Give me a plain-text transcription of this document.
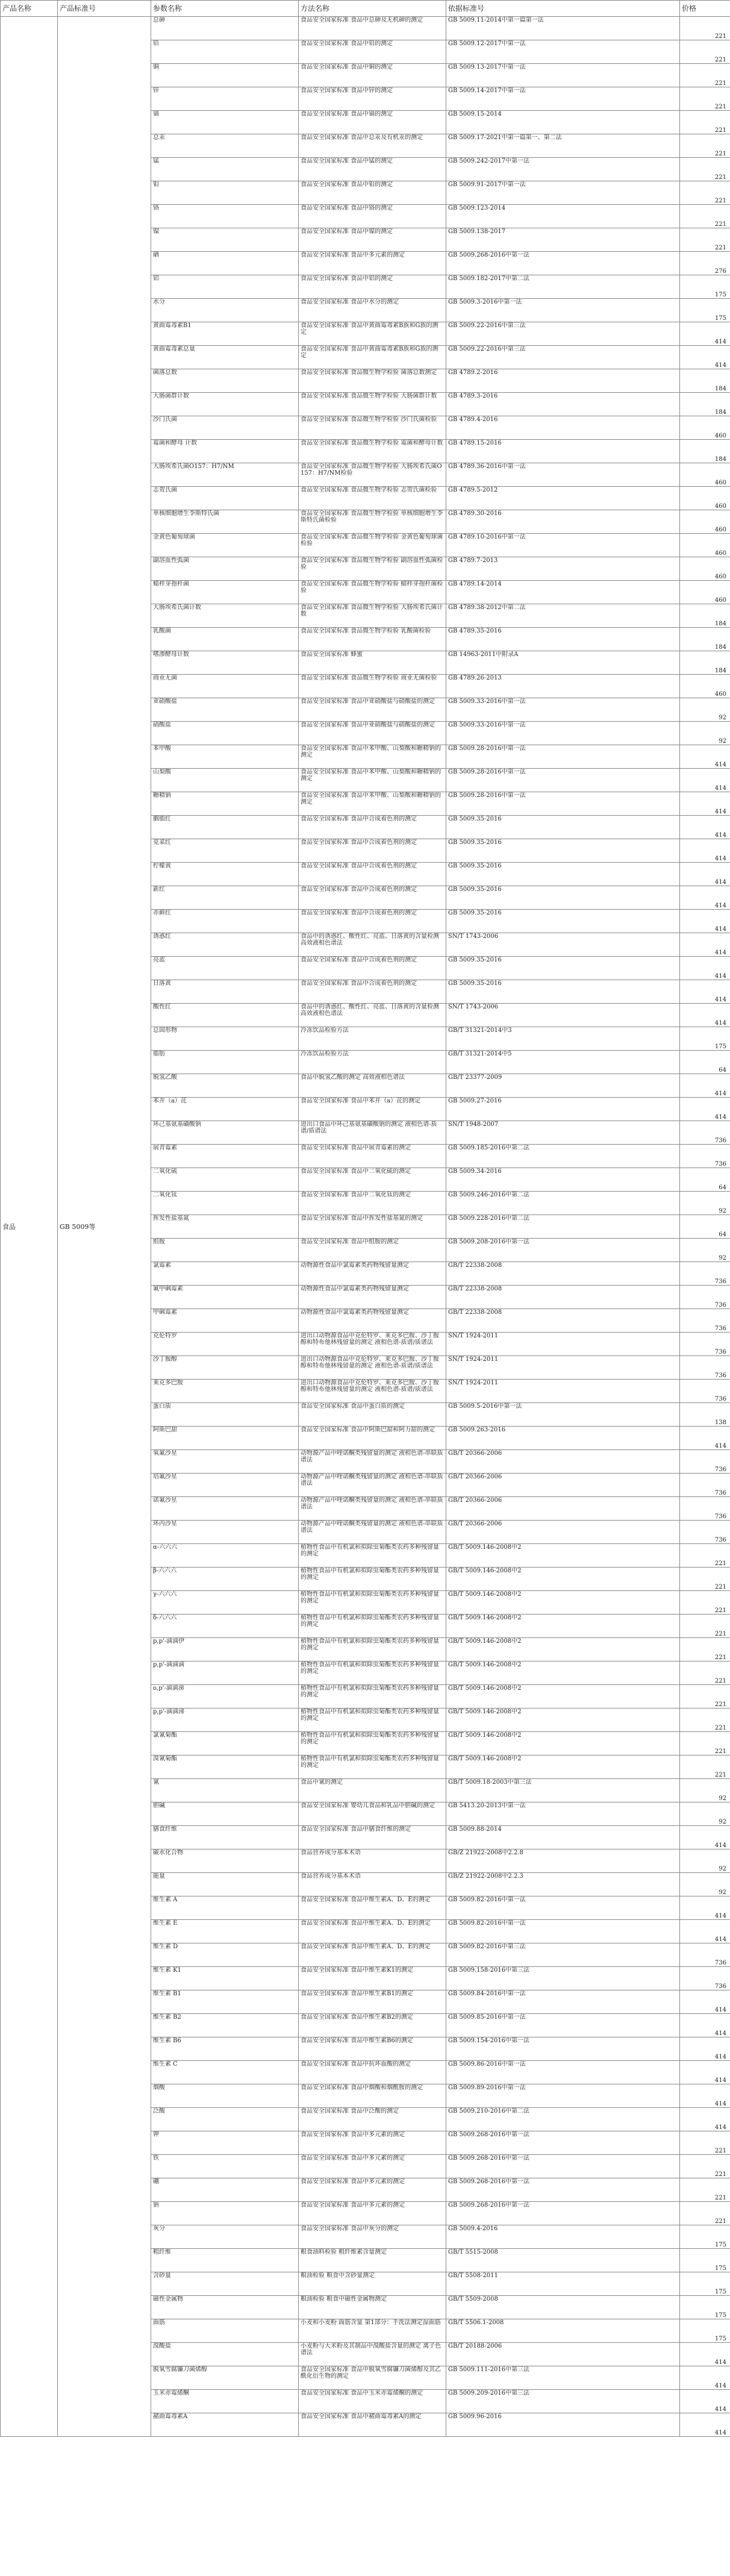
产品名称	产品标准号	参数名称	方法名称	依据标准号	价格
食品	GB 5009等	总砷	食品安全国家标准 食品中总砷及无机砷的测定	GB 5009.11-2014中第一篇第一法	221
		铅	食品安全国家标准 食品中铅的测定	GB 5009.12-2017中第一法	221
		铜	食品安全国家标准 食品中铜的测定	GB 5009.13-2017中第一法	221
		锌	食品安全国家标准 食品中锌的测定	GB 5009.14-2017中第一法	221
		镉	食品安全国家标准 食品中镉的测定	GB 5009.15-2014	221
		总汞	食品安全国家标准 食品中总汞及有机汞的测定	GB 5009.17-2021中第一篇第一、第二法	221
		锰	食品安全国家标准 食品中锰的测定	GB 5009.242-2017中第一法	221
		钼	食品安全国家标准 食品中钼的测定	GB 5009.91-2017中第一法	221
		铬	食品安全国家标准 食品中铬的测定	GB 5009.123-2014	221
		镍	食品安全国家标准 食品中镍的测定	GB 5009.138-2017	221
		硒	食品安全国家标准 食品中多元素的测定	GB 5009.268-2016中第一法	276
		铝	食品安全国家标准 食品中铝的测定	GB 5009.182-2017中第二法	175
		水分	食品安全国家标准 食品中水分的测定	GB 5009.3-2016中第一法	175
		黄曲霉毒素B1	食品安全国家标准 食品中黄曲霉毒素B族和G族的测定	GB 5009.22-2016中第三法	414
		黄曲霉毒素总量	食品安全国家标准 食品中黄曲霉毒素B族和G族的测定	GB 5009.22-2016中第三法	414
		菌落总数	食品安全国家标准 食品微生物学检验 菌落总数测定	GB 4789.2-2016	184
		大肠菌群计数	食品安全国家标准 食品微生物学检验 大肠菌群计数	GB 4789.3-2016	184
		沙门氏菌	食品安全国家标准 食品微生物学检验 沙门氏菌检验	GB 4789.4-2016	460
		霉菌和酵母 计数	食品安全国家标准 食品微生物学检验 霉菌和酵母计数	GB 4789.15-2016	184
		大肠埃希氏菌O157：H7/NM	食品安全国家标准 食品微生物学检验 大肠埃希氏菌O157：H7/NM检验	GB 4789.36-2016中第一法	460
		志贺氏菌	食品安全国家标准 食品微生物学检验 志贺氏菌检验	GB 4789.5-2012	460
		单核细胞增生李斯特氏菌	食品安全国家标准 食品微生物学检验 单核细胞增生李斯特氏菌检验	GB 4789.30-2016	460
		金黄色葡萄球菌	食品安全国家标准 食品微生物学检验 金黄色葡萄球菌检验	GB 4789.10-2016中第一法	460
		副溶血性弧菌	食品安全国家标准 食品微生物学检验 副溶血性弧菌检验	GB 4789.7-2013	460
		蜡样芽孢杆菌	食品安全国家标准 食品微生物学检验 蜡样芽孢杆菌检验	GB 4789.14-2014	460
		大肠埃希氏菌计数	食品安全国家标准 食品微生物学检验 大肠埃希氏菌计数	GB 4789.38-2012中第二法	184
		乳酸菌	食品安全国家标准 食品微生物学检验 乳酸菌检验	GB 4789.35-2016	184
		嗜渗酵母计数	食品安全国家标准 蜂蜜	GB 14963-2011中附录A	184
		商业无菌	食品安全国家标准 食品微生物学检验 商业无菌检验	GB 4789.26-2013	460
		亚硝酸盐	食品安全国家标准 食品中亚硝酸盐与硝酸盐的测定	GB 5009.33-2016中第一法	92
		硝酸盐	食品安全国家标准 食品中亚硝酸盐与硝酸盐的测定	GB 5009.33-2016中第一法	92
		苯甲酸	食品安全国家标准 食品中苯甲酸、山梨酸和糖精钠的测定	GB 5009.28-2016中第一法	414
		山梨酸	食品安全国家标准 食品中苯甲酸、山梨酸和糖精钠的测定	GB 5009.28-2016中第一法	414
		糖精钠	食品安全国家标准 食品中苯甲酸、山梨酸和糖精钠的测定	GB 5009.28-2016中第一法	414
		胭脂红	食品安全国家标准 食品中合成着色剂的测定	GB 5009.35-2016	414
		苋菜红	食品安全国家标准 食品中合成着色剂的测定	GB 5009.35-2016	414
		柠檬黄	食品安全国家标准 食品中合成着色剂的测定	GB 5009.35-2016	414
		新红	食品安全国家标准 食品中合成着色剂的测定	GB 5009.35-2016	414
		赤藓红	食品安全国家标准 食品中合成着色剂的测定	GB 5009.35-2016	414
		诱惑红	食品中的诱惑红、酸性红、亮蓝、日落黄的含量检测 高效液相色谱法	SN/T 1743-2006	414
		亮蓝	食品安全国家标准 食品中合成着色剂的测定	GB 5009.35-2016	414
		日落黄	食品安全国家标准 食品中合成着色剂的测定	GB 5009.35-2016	414
		酸性红	食品中的诱惑红、酸性红、亮蓝、日落黄的含量检测 高效液相色谱法	SN/T 1743-2006	414
		总固形物	冷冻饮品检验方法	GB/T 31321-2014中3	175
		脂肪	冷冻饮品检验方法	GB/T 31321-2014中5	64
		脱氢乙酸	食品中脱氢乙酸的测定 高效液相色谱法	GB/T 23377-2009	414
		苯并（a）芘	食品安全国家标准 食品中苯并（a）芘的测定	GB 5009.27-2016	414
		环己基氨基磺酸钠	进出口食品中环己基氨基磺酸钠的测定 液相色谱-质谱/质谱法	SN/T 1948-2007	736
		展青霉素	食品安全国家标准 食品中展青霉素的测定	GB 5009.185-2016中第二法	736
		二氧化硫	食品安全国家标准 食品中二氧化硫的测定	GB 5009.34-2016	64
		二氧化钛	食品安全国家标准 食品中二氧化钛的测定	GB 5009.246-2016中第二法	92
		挥发性盐基氮	食品安全国家标准 食品中挥发性盐基氮的测定	GB 5009.228-2016中第二法	64
		组胺	食品安全国家标准 食品中组胺的测定	GB 5009.208-2016中第一法	92
		氯霉素	动物源性食品中氯霉素类药物残留量测定	GB/T 22338-2008	736
		氟甲砜霉素	动物源性食品中氯霉素类药物残留量测定	GB/T 22338-2008	736
		甲砜霉素	动物源性食品中氯霉素类药物残留量测定	GB/T 22338-2008	736
		克伦特罗	进出口动物源食品中克伦特罗、莱克多巴胺、沙丁胺醇和特布他林残留量的测定 液相色谱-质谱/质谱法	SN/T 1924-2011	736
		沙丁胺醇	进出口动物源食品中克伦特罗、莱克多巴胺、沙丁胺醇和特布他林残留量的测定 液相色谱-质谱/质谱法	SN/T 1924-2011	736
		莱克多巴胺	进出口动物源食品中克伦特罗、莱克多巴胺、沙丁胺醇和特布他林残留量的测定 液相色谱-质谱/质谱法	SN/T 1924-2011	736
		蛋白质	食品安全国家标准 食品中蛋白质的测定	GB 5009.5-2016中第一法	138
		阿斯巴甜	食品安全国家标准 食品中阿斯巴甜和阿力甜的测定	GB 5009.263-2016	414
		氧氟沙星	动物源产品中喹诺酮类残留量的测定 液相色谱-串联质谱法	GB/T 20366-2006	736
		培氟沙星	动物源产品中喹诺酮类残留量的测定 液相色谱-串联质谱法	GB/T 20366-2006	736
		诺氟沙星	动物源产品中喹诺酮类残留量的测定 液相色谱-串联质谱法	GB/T 20366-2006	736
		环丙沙星	动物源产品中喹诺酮类残留量的测定 液相色谱-串联质谱法	GB/T 20366-2006	736
		α-六六六	植物性食品中有机氯和拟除虫菊酯类农药多种残留量的测定	GB/T 5009.146-2008中2	221
		β-六六六	植物性食品中有机氯和拟除虫菊酯类农药多种残留量的测定	GB/T 5009.146-2008中2	221
		γ-六六六	植物性食品中有机氯和拟除虫菊酯类农药多种残留量的测定	GB/T 5009.146-2008中2	221
		δ-六六六	植物性食品中有机氯和拟除虫菊酯类农药多种残留量的测定	GB/T 5009.146-2008中2	221
		p,p'-滴滴伊	植物性食品中有机氯和拟除虫菊酯类农药多种残留量的测定	GB/T 5009.146-2008中2	221
		p,p'-滴滴滴	植物性食品中有机氯和拟除虫菊酯类农药多种残留量的测定	GB/T 5009.146-2008中2	221
		o,p'-滴滴涕	植物性食品中有机氯和拟除虫菊酯类农药多种残留量的测定	GB/T 5009.146-2008中2	221
		p,p'-滴滴涕	植物性食品中有机氯和拟除虫菊酯类农药多种残留量的测定	GB/T 5009.146-2008中2	221
		氯氰菊酯	植物性食品中有机氯和拟除虫菊酯类农药多种残留量的测定	GB/T 5009.146-2008中2	221
		溴氰菊酯	植物性食品中有机氯和拟除虫菊酯类农药多种残留量的测定	GB/T 5009.146-2008中2	221
		氰	食品中氰的测定	GB/T 5009.18-2003中第三法	92
		胆碱	食品安全国家标准 婴幼儿食品和乳品中胆碱的测定	GB 5413.20-2013中第一法	92
		膳食纤维	食品安全国家标准 食品中膳食纤维的测定	GB 5009.88-2014	414
		碳水化合物	食品营养成分基本术语	GB/Z 21922-2008中2.2.8	92
		能量	食品营养成分基本术语	GB/Z 21922-2008中2.2.3	92
		维生素 A	食品安全国家标准 食品中维生素A、D、E的测定	GB 5009.82-2016中第一法	414
		维生素 E	食品安全国家标准 食品中维生素A、D、E的测定	GB 5009.82-2016中第一法	414
		维生素 D	食品安全国家标准 食品中维生素A、D、E的测定	GB 5009.82-2016中第三法	736
		维生素 K1	食品安全国家标准 食品中维生素K1的测定	GB 5009.158-2016中第三法	736
		维生素 B1	食品安全国家标准 食品中维生素B1的测定	GB 5009.84-2016中第一法	414
		维生素 B2	食品安全国家标准 食品中维生素B2的测定	GB 5009.85-2016中第一法	414
		维生素 B6	食品安全国家标准 食品中维生素B6的测定	GB 5009.154-2016中第一法	414
		维生素 C	食品安全国家标准 食品中抗坏血酸的测定	GB 5009.86-2016中第一法	414
		烟酸	食品安全国家标准 食品中烟酸和烟酰胺的测定	GB 5009.89-2016中第一法	414
		泛酸	食品安全国家标准 食品中泛酸的测定	GB 5009.210-2016中第二法	414
		钾	食品安全国家标准 食品中多元素的测定	GB 5009.268-2016中第一法	221
		铁	食品安全国家标准 食品中多元素的测定	GB 5009.268-2016中第一法	221
		硼	食品安全国家标准 食品中多元素的测定	GB 5009.268-2016中第一法	221
		钠	食品安全国家标准 食品中多元素的测定	GB 5009.268-2016中第一法	221
		灰分	食品安全国家标准 食品中灰分的测定	GB 5009.4-2016	175
		粗纤维	粮食油料检验 粗纤维素含量测定	GB/T 5515-2008	175
		含砂量	粮油检验 粮食中含砂量测定	GB/T 5508-2011	175
		磁性金属物	粮油检验 粮食中磁性金属物测定	GB/T 5509-2008	175
		面筋	小麦和小麦粉 面筋含量 第1部分：手洗法测定湿面筋	GB/T 5506.1-2008	175
		溴酸盐	小麦粉与大米粉及其制品中溴酸盐含量的测定 离子色谱法	GB/T 20188-2006	414
		脱氧雪腐镰刀菌烯醇	食品安全国家标准 食品中脱氧雪腐镰刀菌烯醇及其乙酰化衍生物的测定	GB 5009.111-2016中第三法	414
		玉米赤霉烯酮	食品安全国家标准 食品中玉米赤霉烯酮的测定	GB 5009.209-2016中第三法	414
		赭曲霉毒素A	食品安全国家标准 食品中赭曲霉毒素A的测定	GB 5009.96-2016	414
